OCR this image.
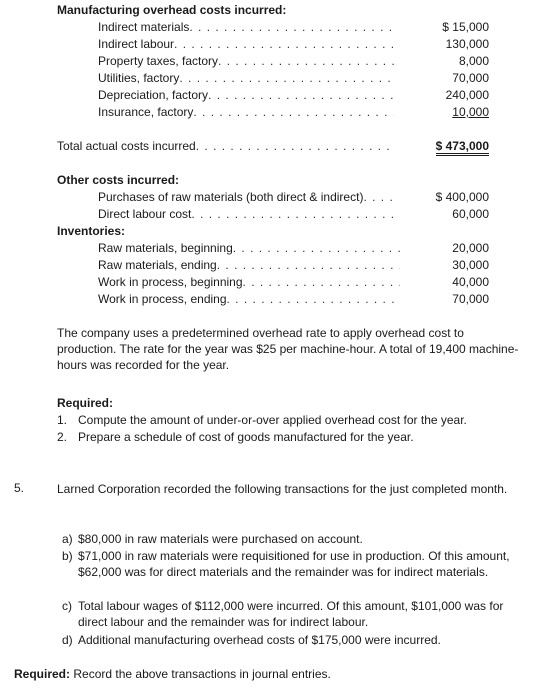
Manufacturing overhead costs incurred:
Indirect materials . . .	$ 15,000
Indirect labour . . .	130,000
Property taxes, factory . . .	8,000
Utilities, factory . . .	70,000
Depreciation, factory . . .	240,000
Insurance, factory . . .	10,000
Total actual costs incurred . . .	$ 473,000
Other costs incurred:
Purchases of raw materials (both direct & indirect) . . .	$ 400,000
Direct labour cost . . .	60,000
Inventories:
Raw materials, beginning . . .	20,000
Raw materials, ending . . .	30,000
Work in process, beginning . . .	40,000
Work in process, ending . . .	70,000
The company uses a predetermined overhead rate to apply overhead cost to production. The rate for the year was $25 per machine-hour. A total of 19,400 machine-hours was recorded for the year.
Required:
1. Compute the amount of under-or-over applied overhead cost for the year.
2. Prepare a schedule of cost of goods manufactured for the year.
5.	Larned Corporation recorded the following transactions for the just completed month.
a) $80,000 in raw materials were purchased on account.
b) $71,000 in raw materials were requisitioned for use in production. Of this amount, $62,000 was for direct materials and the remainder was for indirect materials.
c) Total labour wages of $112,000 were incurred. Of this amount, $101,000 was for direct labour and the remainder was for indirect labour.
d) Additional manufacturing overhead costs of $175,000 were incurred.
Required: Record the above transactions in journal entries.
